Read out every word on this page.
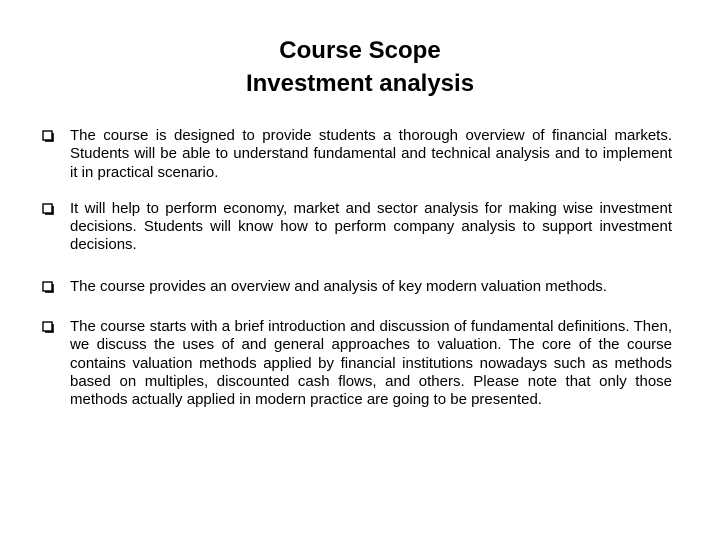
Course Scope
Investment analysis
The course is designed to provide students a thorough overview of financial markets. Students will be able to understand fundamental and technical analysis and to implement it in practical scenario.
It will help to perform economy, market and sector analysis for making wise investment decisions. Students will know how to perform company analysis to support investment decisions.
The course provides an overview and analysis of key modern valuation methods.
The course starts with a brief introduction and discussion of fundamental definitions. Then, we discuss the uses of and general approaches to valuation. The core of the course contains valuation methods applied by financial institutions nowadays such as methods based on multiples, discounted cash flows, and others. Please note that only those methods actually applied in modern practice are going to be presented.
